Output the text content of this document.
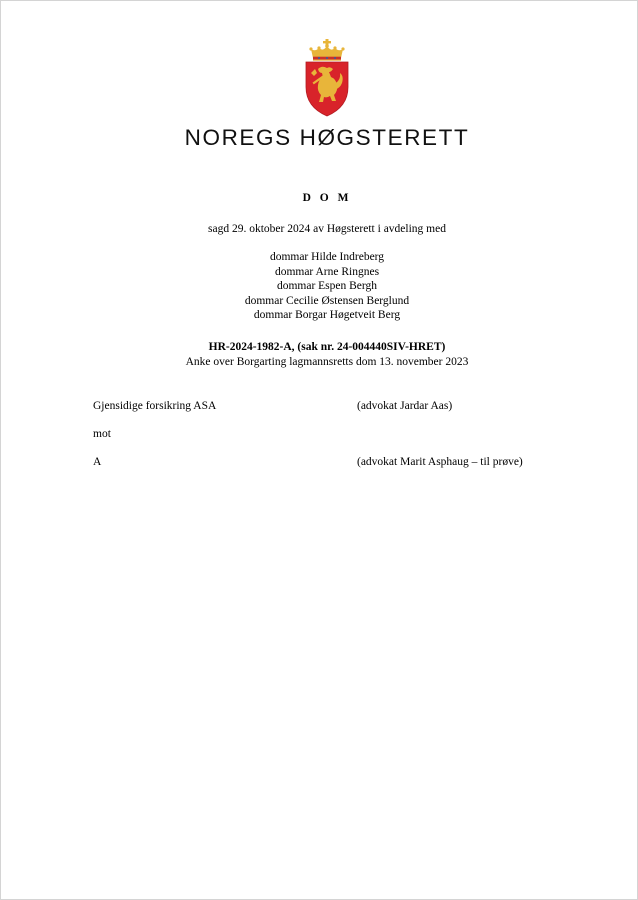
NOREGS HØGSTERETT
D O M
sagd 29. oktober 2024 av Høgsterett i avdeling med
dommar Hilde Indreberg
dommar Arne Ringnes
dommar Espen Bergh
dommar Cecilie Østensen Berglund
dommar Borgar Høgetveit Berg
HR-2024-1982-A, (sak nr. 24-004440SIV-HRET)
Anke over Borgarting lagmannsretts dom 13. november 2023
Gjensidige forsikring ASA	(advokat Jardar Aas)
mot
A	(advokat Marit Asphaug – til prøve)
